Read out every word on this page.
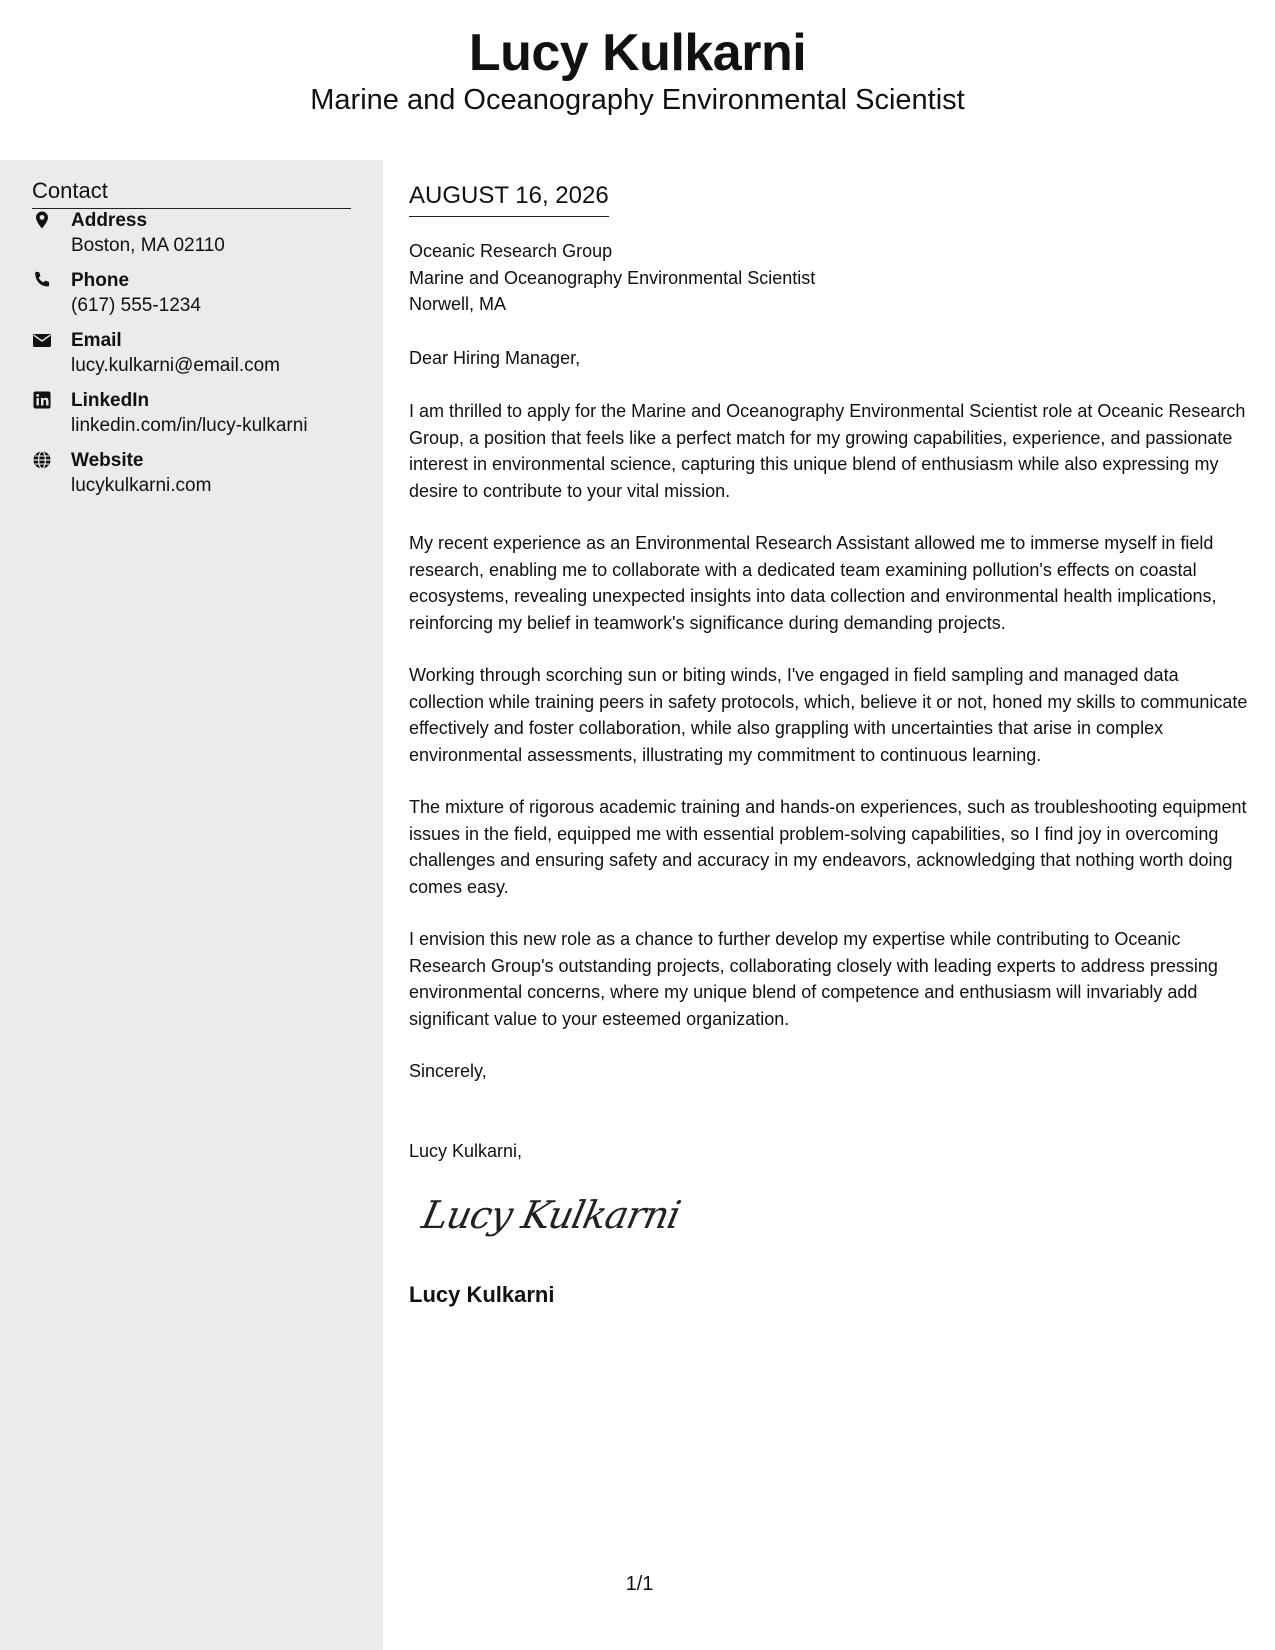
Lucy Kulkarni
Marine and Oceanography Environmental Scientist
Contact
Address
Boston, MA 02110
Phone
(617) 555-1234
Email
lucy.kulkarni@email.com
LinkedIn
linkedin.com/in/lucy-kulkarni
Website
lucykulkarni.com
AUGUST 16, 2026
Oceanic Research Group
Marine and Oceanography Environmental Scientist
Norwell, MA
Dear Hiring Manager,
I am thrilled to apply for the Marine and Oceanography Environmental Scientist role at Oceanic Research Group, a position that feels like a perfect match for my growing capabilities, experience, and passionate interest in environmental science, capturing this unique blend of enthusiasm while also expressing my desire to contribute to your vital mission.
My recent experience as an Environmental Research Assistant allowed me to immerse myself in field research, enabling me to collaborate with a dedicated team examining pollution's effects on coastal ecosystems, revealing unexpected insights into data collection and environmental health implications, reinforcing my belief in teamwork's significance during demanding projects.
Working through scorching sun or biting winds, I've engaged in field sampling and managed data collection while training peers in safety protocols, which, believe it or not, honed my skills to communicate effectively and foster collaboration, while also grappling with uncertainties that arise in complex environmental assessments, illustrating my commitment to continuous learning.
The mixture of rigorous academic training and hands-on experiences, such as troubleshooting equipment issues in the field, equipped me with essential problem-solving capabilities, so I find joy in overcoming challenges and ensuring safety and accuracy in my endeavors, acknowledging that nothing worth doing comes easy.
I envision this new role as a chance to further develop my expertise while contributing to Oceanic Research Group's outstanding projects, collaborating closely with leading experts to address pressing environmental concerns, where my unique blend of competence and enthusiasm will invariably add significant value to your esteemed organization.
Sincerely,
Lucy Kulkarni,
Lucy Kulkarni
Lucy Kulkarni
1/1
